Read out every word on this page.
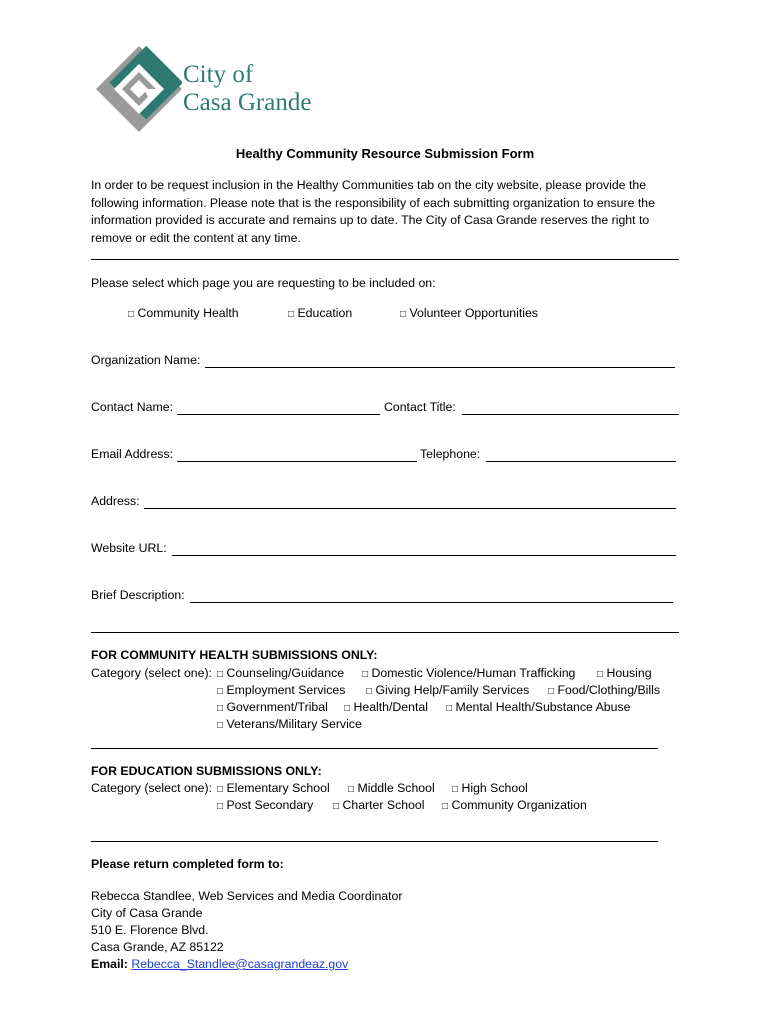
City of
Casa Grande
Healthy Community Resource Submission Form
In order to be request inclusion in the Healthy Communities tab on the city website, please provide the
following information. Please note that is the responsibility of each submitting organization to ensure the
information provided is accurate and remains up to date. The City of Casa Grande reserves the right to
remove or edit the content at any time.
Please select which page you are requesting to be included on:
□ Community Health	□ Education	□ Volunteer Opportunities
Organization Name:
Contact Name:	Contact Title:
Email Address:	Telephone:
Address:
Website URL:
Brief Description:
FOR COMMUNITY HEALTH SUBMISSIONS ONLY:
Category (select one): □ Counseling/Guidance □ Domestic Violence/Human Trafficking □ Housing
□ Employment Services □ Giving Help/Family Services □ Food/Clothing/Bills
□ Government/Tribal □ Health/Dental □ Mental Health/Substance Abuse
□ Veterans/Military Service
FOR EDUCATION SUBMISSIONS ONLY:
Category (select one): □ Elementary School □ Middle School □ High School
□ Post Secondary □ Charter School □ Community Organization
Please return completed form to:
Rebecca Standlee, Web Services and Media Coordinator
City of Casa Grande
510 E. Florence Blvd.
Casa Grande, AZ 85122
Email: Rebecca_Standlee@casagrandeaz.gov
